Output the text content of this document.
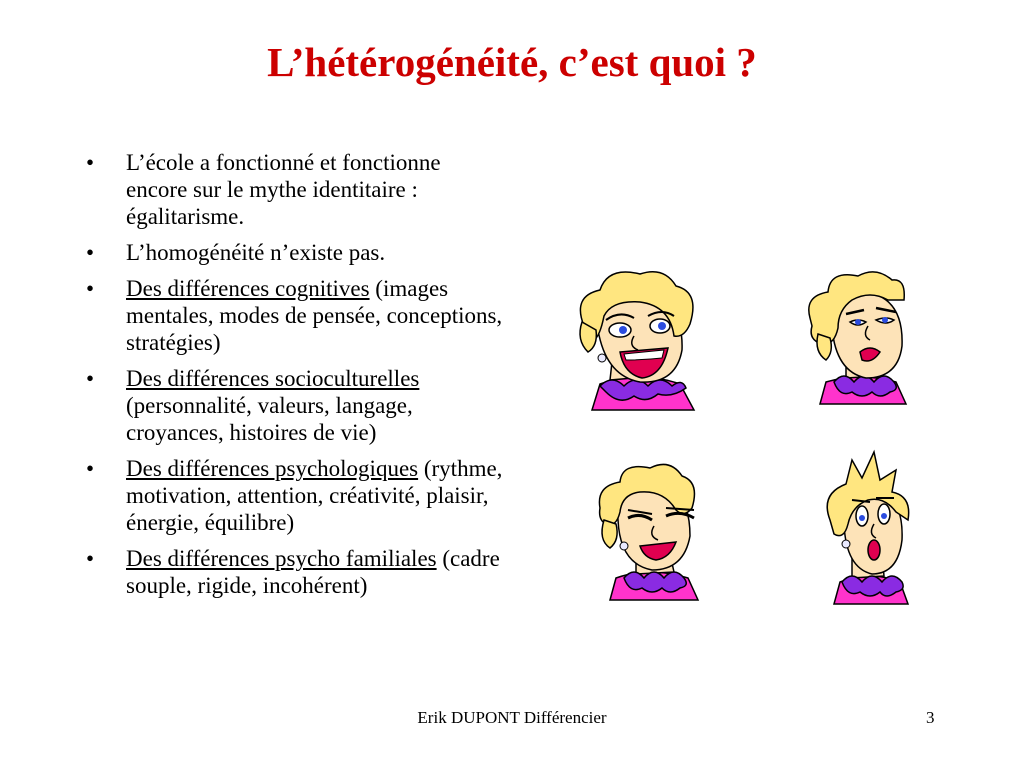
L’hétérogénéité, c’est quoi ?
• L’école a fonctionné et fonctionne encore sur le mythe identitaire : égalitarisme.
• L’homogénéité n’existe pas.
• Des différences cognitives (images mentales, modes de pensée, conceptions, stratégies)
• Des différences socioculturelles (personnalité, valeurs, langage, croyances, histoires de vie)
• Des différences psychologiques (rythme, motivation, attention, créativité, plaisir, énergie, équilibre)
• Des différences psycho familiales (cadre souple, rigide, incohérent)
Erik DUPONT Différencier	3
